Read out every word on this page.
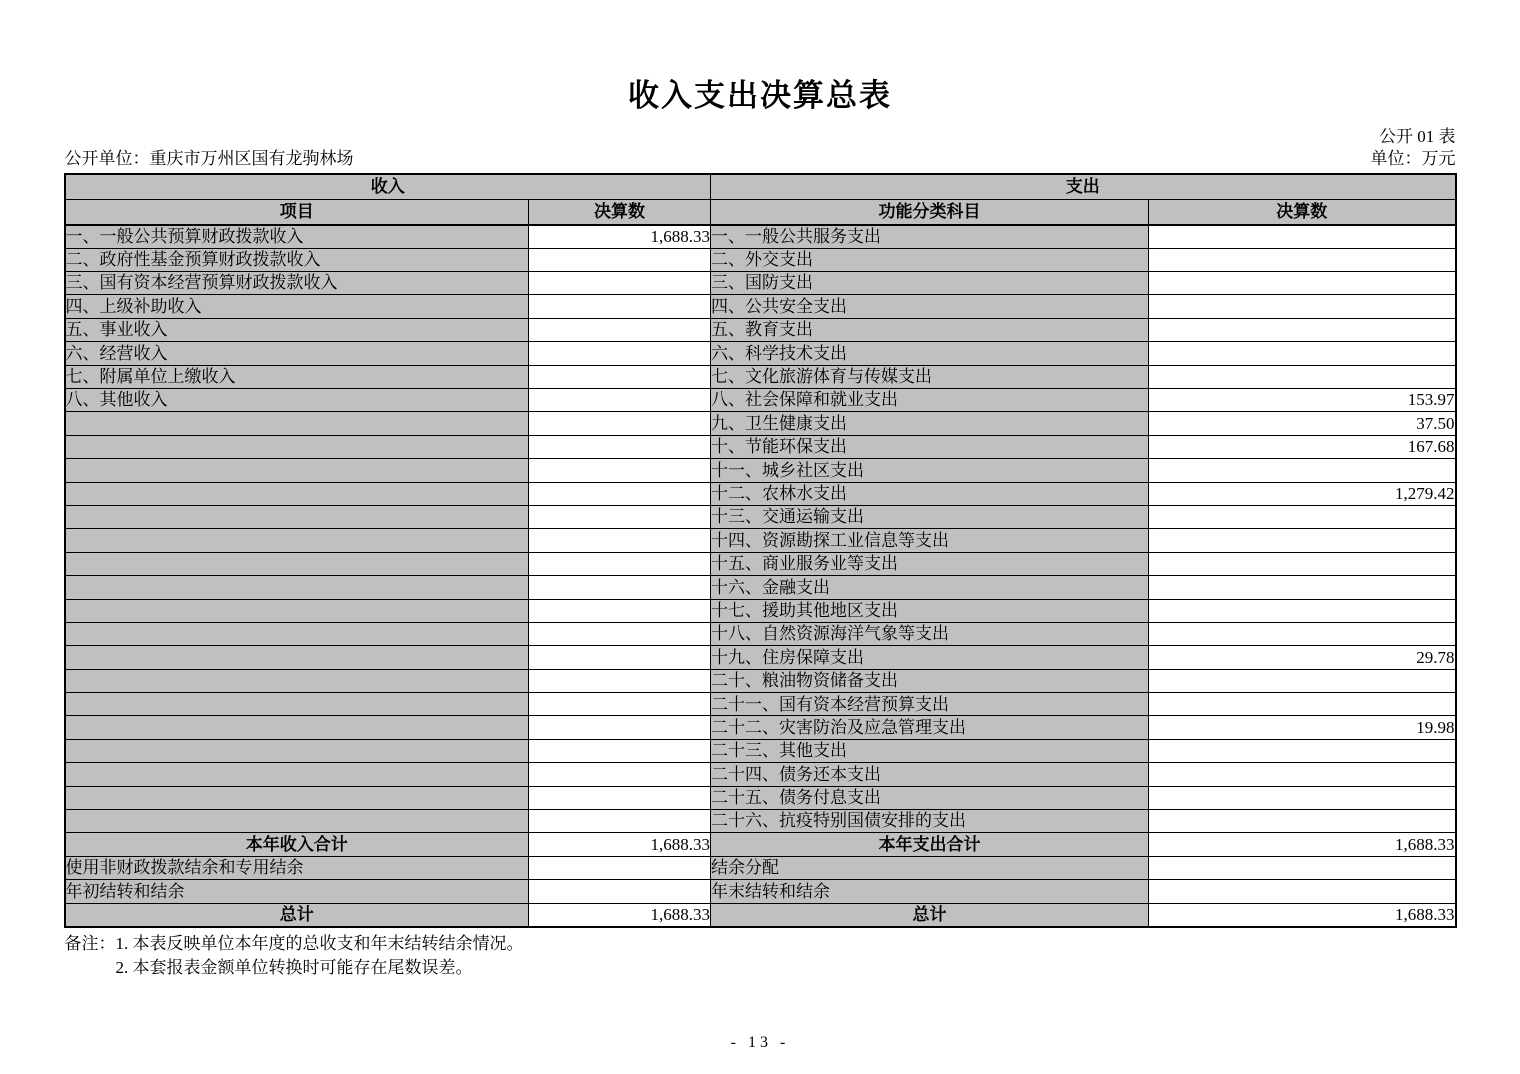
收入支出决算总表
公开 01 表
公开单位：重庆市万州区国有龙驹林场	单位：万元
收入		支出	
项目	决算数	功能分类科目	决算数
一、一般公共预算财政拨款收入	1,688.33	一、一般公共服务支出	
二、政府性基金预算财政拨款收入		二、外交支出	
三、国有资本经营预算财政拨款收入		三、国防支出	
四、上级补助收入		四、公共安全支出	
五、事业收入		五、教育支出	
六、经营收入		六、科学技术支出	
七、附属单位上缴收入		七、文化旅游体育与传媒支出	
八、其他收入		八、社会保障和就业支出	153.97
		九、卫生健康支出	37.50
		十、节能环保支出	167.68
		十一、城乡社区支出	
		十二、农林水支出	1,279.42
		十三、交通运输支出	
		十四、资源勘探工业信息等支出	
		十五、商业服务业等支出	
		十六、金融支出	
		十七、援助其他地区支出	
		十八、自然资源海洋气象等支出	
		十九、住房保障支出	29.78
		二十、粮油物资储备支出	
		二十一、国有资本经营预算支出	
		二十二、灾害防治及应急管理支出	19.98
		二十三、其他支出	
		二十四、债务还本支出	
		二十五、债务付息支出	
		二十六、抗疫特别国债安排的支出	
本年收入合计	1,688.33	本年支出合计	1,688.33
使用非财政拨款结余和专用结余		结余分配	
年初结转和结余		年末结转和结余	
总计	1,688.33	总计	1,688.33
备注： 1. 本表反映单位本年度的总收支和年末结转结余情况。
2. 本套报表金额单位转换时可能存在尾数误差。
- 13 -
